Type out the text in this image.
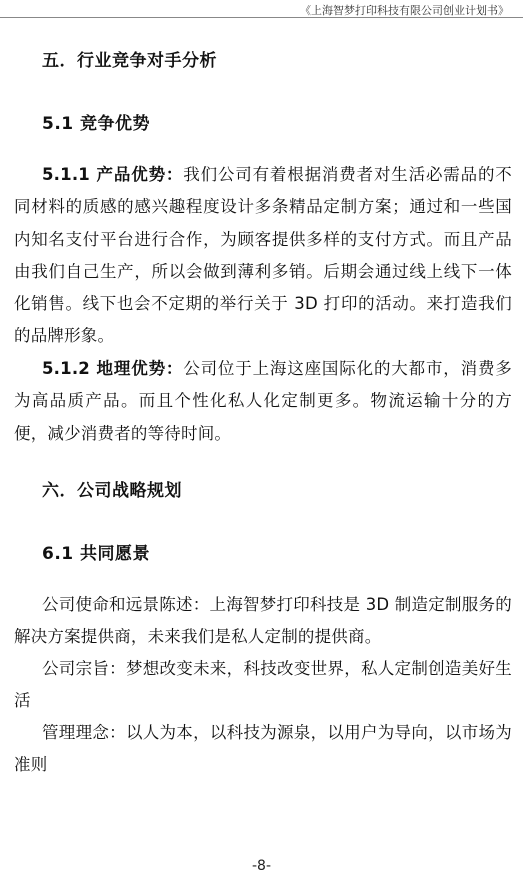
《上海智梦打印科技有限公司创业计划书》
五．行业竞争对手分析
5.1 竞争优势

5.1.1 产品优势：我们公司有着根据消费者对生活必需品的不同材料的质感的感兴趣程度设计多条精品定制方案；通过和一些国内知名支付平台进行合作，为顾客提供多样的支付方式。而且产品由我们自己生产，所以会做到薄利多销。后期会通过线上线下一体化销售。线下也会不定期的举行关于 3D 打印的活动。来打造我们的品牌形象。

5.1.2 地理优势：公司位于上海这座国际化的大都市，消费多为高品质产品。而且个性化私人化定制更多。物流运输十分的方便，减少消费者的等待时间。

六．公司战略规划
6.1 共同愿景

公司使命和远景陈述：上海智梦打印科技是 3D 制造定制服务的解决方案提供商，未来我们是私人定制的提供商。

公司宗旨：梦想改变未来，科技改变世界，私人定制创造美好生活

管理理念：以人为本，以科技为源泉，以用户为导向，以市场为准则

-8-
